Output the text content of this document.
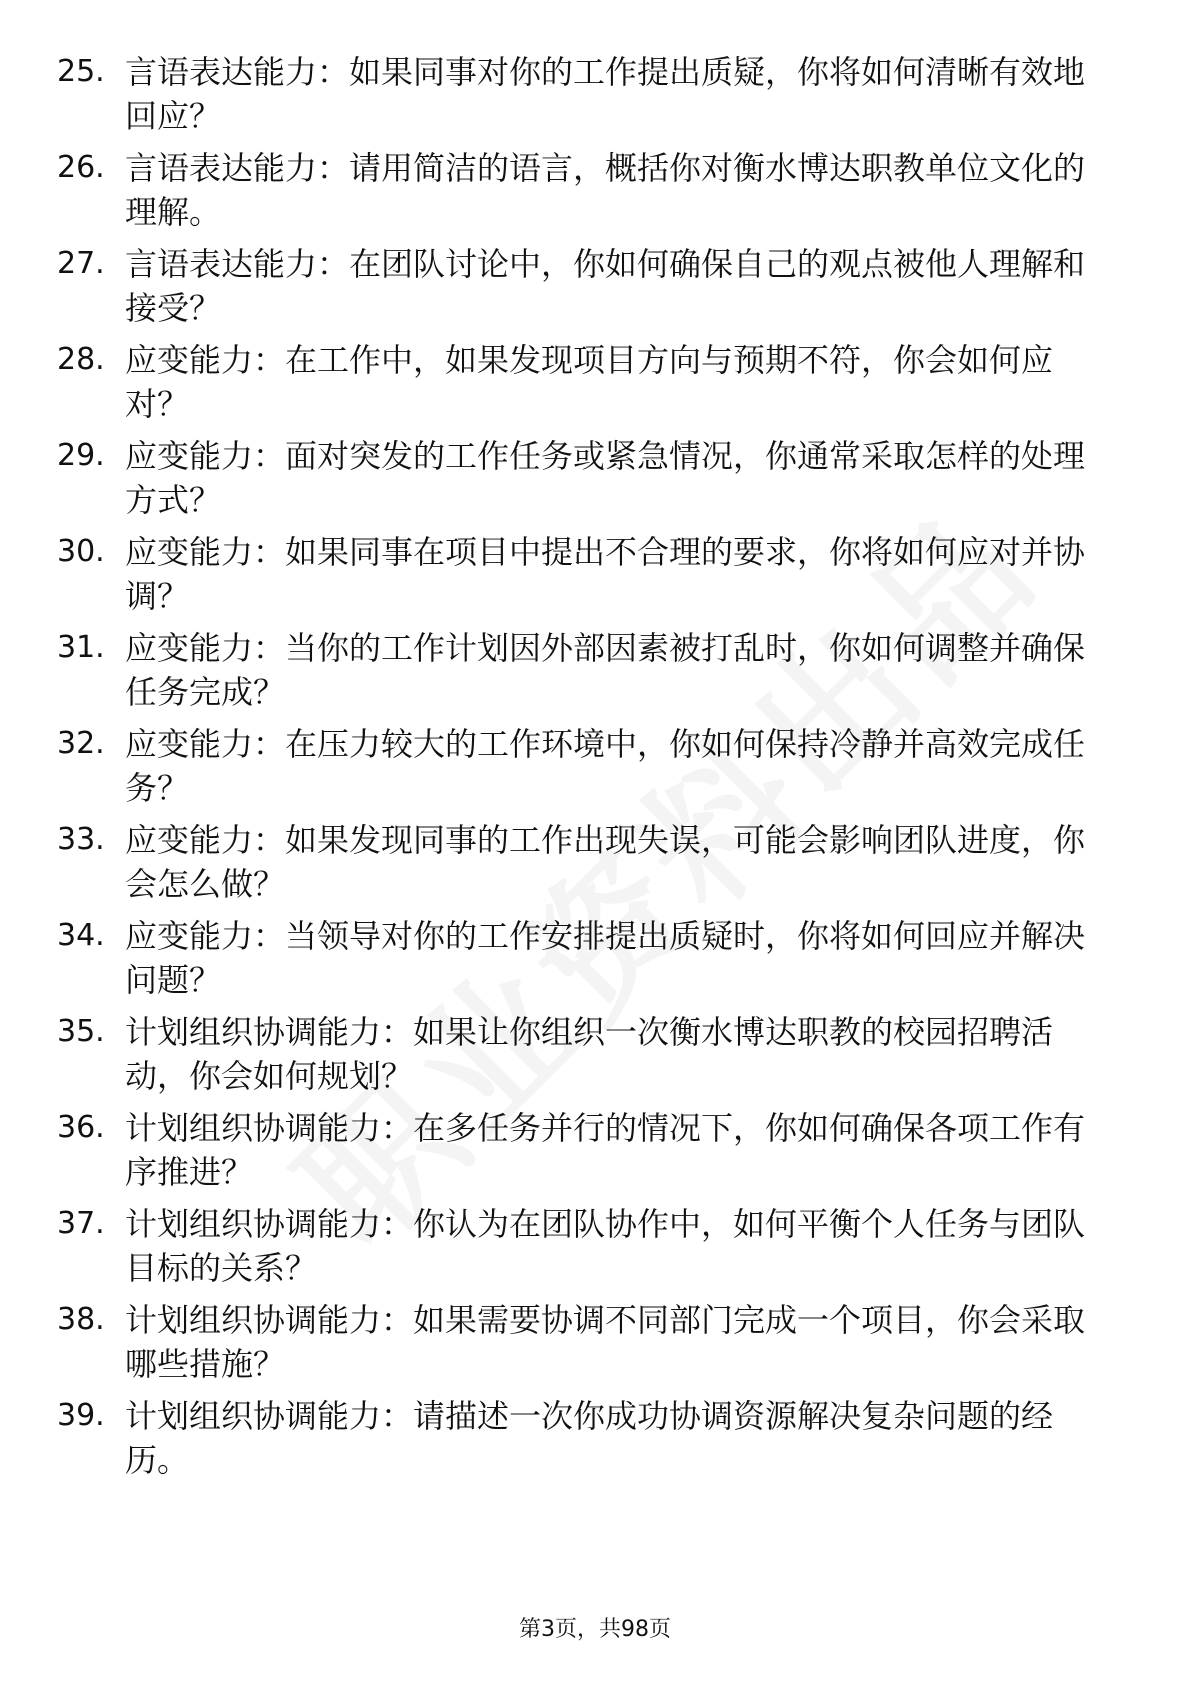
25. 言语表达能力：如果同事对你的工作提出质疑，你将如何清晰有效地回应？
26. 言语表达能力：请用简洁的语言，概括你对衡水博达职教单位文化的理解。
27. 言语表达能力：在团队讨论中，你如何确保自己的观点被他人理解和接受？
28. 应变能力：在工作中，如果发现项目方向与预期不符，你会如何应对？
29. 应变能力：面对突发的工作任务或紧急情况，你通常采取怎样的处理方式？
30. 应变能力：如果同事在项目中提出不合理的要求，你将如何应对并协调？
31. 应变能力：当你的工作计划因外部因素被打乱时，你如何调整并确保任务完成？
32. 应变能力：在压力较大的工作环境中，你如何保持冷静并高效完成任务？
33. 应变能力：如果发现同事的工作出现失误，可能会影响团队进度，你会怎么做？
34. 应变能力：当领导对你的工作安排提出质疑时，你将如何回应并解决问题？
35. 计划组织协调能力：如果让你组织一次衡水博达职教的校园招聘活动，你会如何规划？
36. 计划组织协调能力：在多任务并行的情况下，你如何确保各项工作有序推进？
37. 计划组织协调能力：你认为在团队协作中，如何平衡个人任务与团队目标的关系？
38. 计划组织协调能力：如果需要协调不同部门完成一个项目，你会采取哪些措施？
39. 计划组织协调能力：请描述一次你成功协调资源解决复杂问题的经历。
第3页，共98页
